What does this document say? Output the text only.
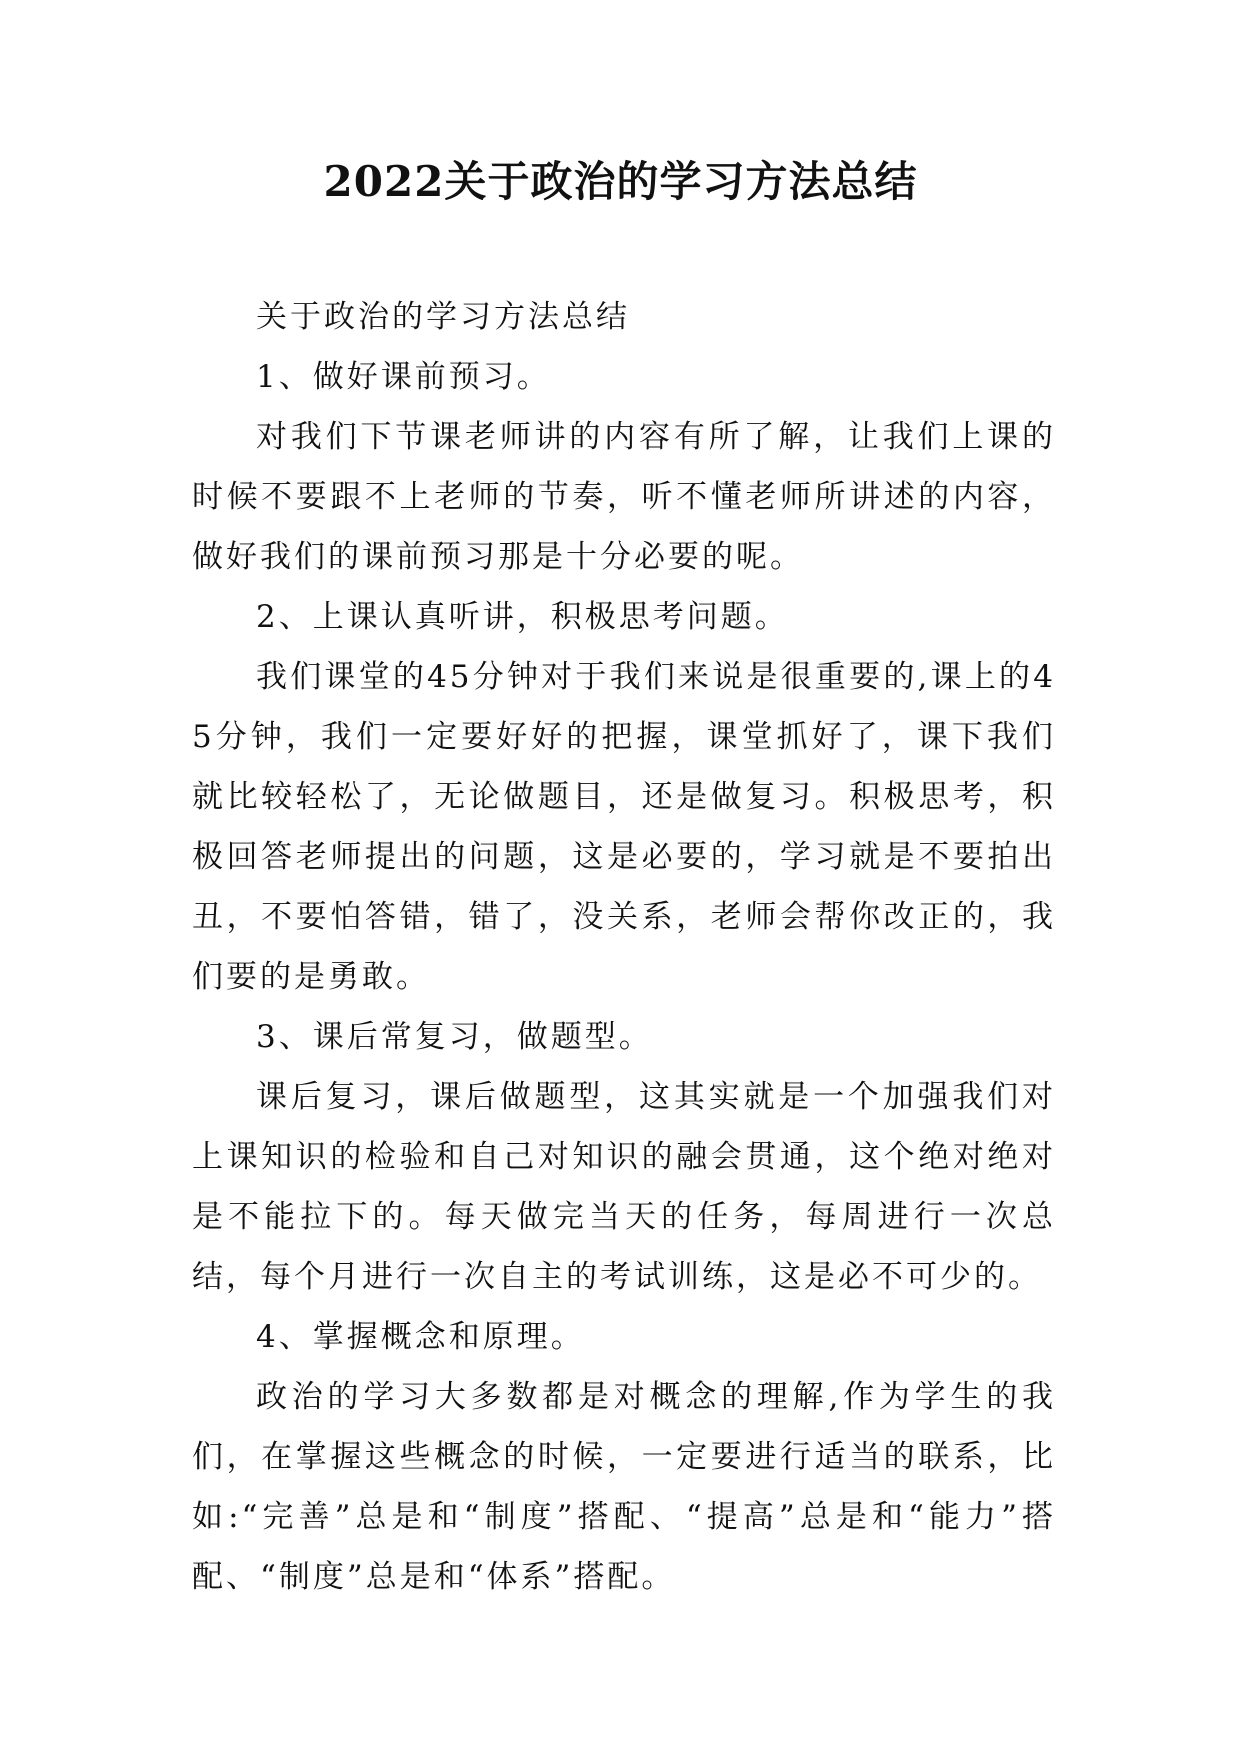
2022关于政治的学习方法总结

关于政治的学习方法总结

1、做好课前预习。

对我们下节课老师讲的内容有所了解，让我们上课的时候不要跟不上老师的节奏，听不懂老师所讲述的内容，做好我们的课前预习那是十分必要的呢。

2、上课认真听讲，积极思考问题。

我们课堂的45分钟对于我们来说是很重要的,课上的45分钟，我们一定要好好的把握，课堂抓好了，课下我们就比较轻松了，无论做题目，还是做复习。积极思考，积极回答老师提出的问题，这是必要的，学习就是不要拍出丑，不要怕答错，错了，没关系，老师会帮你改正的，我们要的是勇敢。

3、课后常复习，做题型。

课后复习，课后做题型，这其实就是一个加强我们对上课知识的检验和自己对知识的融会贯通，这个绝对绝对是不能拉下的。每天做完当天的任务，每周进行一次总结，每个月进行一次自主的考试训练，这是必不可少的。

4、掌握概念和原理。

政治的学习大多数都是对概念的理解,作为学生的我们，在掌握这些概念的时候，一定要进行适当的联系，比如:“完善”总是和“制度”搭配、“提高”总是和“能力”搭配、“制度”总是和“体系”搭配。
